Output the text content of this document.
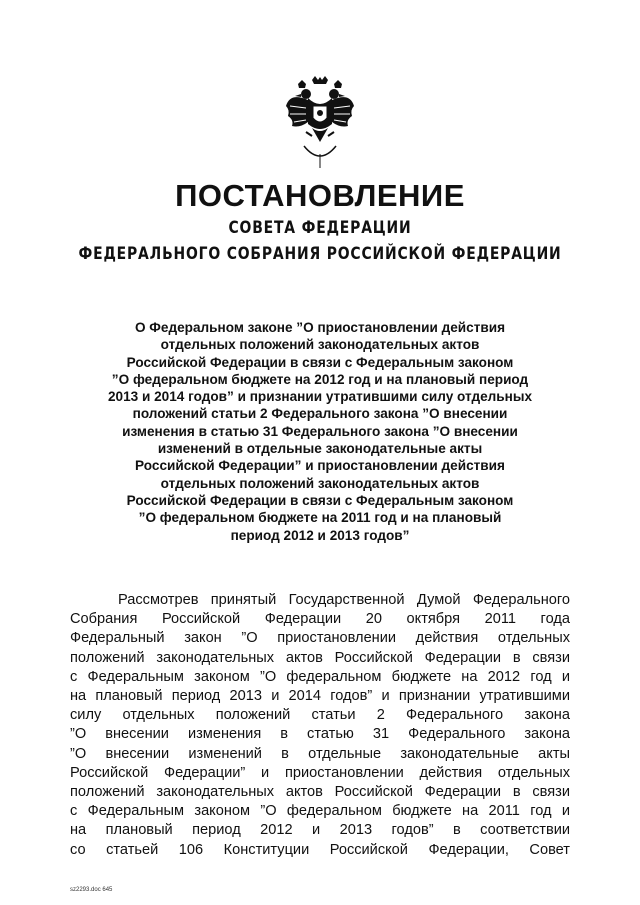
ПОСТАНОВЛЕНИЕ
СОВЕТА ФЕДЕРАЦИИ
ФЕДЕРАЛЬНОГО СОБРАНИЯ РОССИЙСКОЙ ФЕДЕРАЦИИ
О Федеральном законе ”О приостановлении действия
отдельных положений законодательных актов
Российской Федерации в связи с Федеральным законом
”О федеральном бюджете на 2012 год и на плановый период
2013 и 2014 годов” и признании утратившими силу отдельных
положений статьи 2 Федерального закона ”О внесении
изменения в статью 31 Федерального закона ”О внесении
изменений в отдельные законодательные акты
Российской Федерации” и приостановлении действия
отдельных положений законодательных актов
Российской Федерации в связи с Федеральным законом
”О федеральном бюджете на 2011 год и на плановый
период 2012 и 2013 годов”
Рассмотрев принятый Государственной Думой Федерального
Собрания Российской Федерации 20 октября 2011 года
Федеральный закон ”О приостановлении действия отдельных
положений законодательных актов Российской Федерации в связи
с Федеральным законом ”О федеральном бюджете на 2012 год и
на плановый период 2013 и 2014 годов” и признании утратившими
силу отдельных положений статьи 2 Федерального закона
”О внесении изменения в статью 31 Федерального закона
”О внесении изменений в отдельные законодательные акты
Российской Федерации” и приостановлении действия отдельных
положений законодательных актов Российской Федерации в связи
с Федеральным законом ”О федеральном бюджете на 2011 год и
на плановый период 2012 и 2013 годов” в соответствии
со статьей 106 Конституции Российской Федерации, Совет
sz2293.doc 645
